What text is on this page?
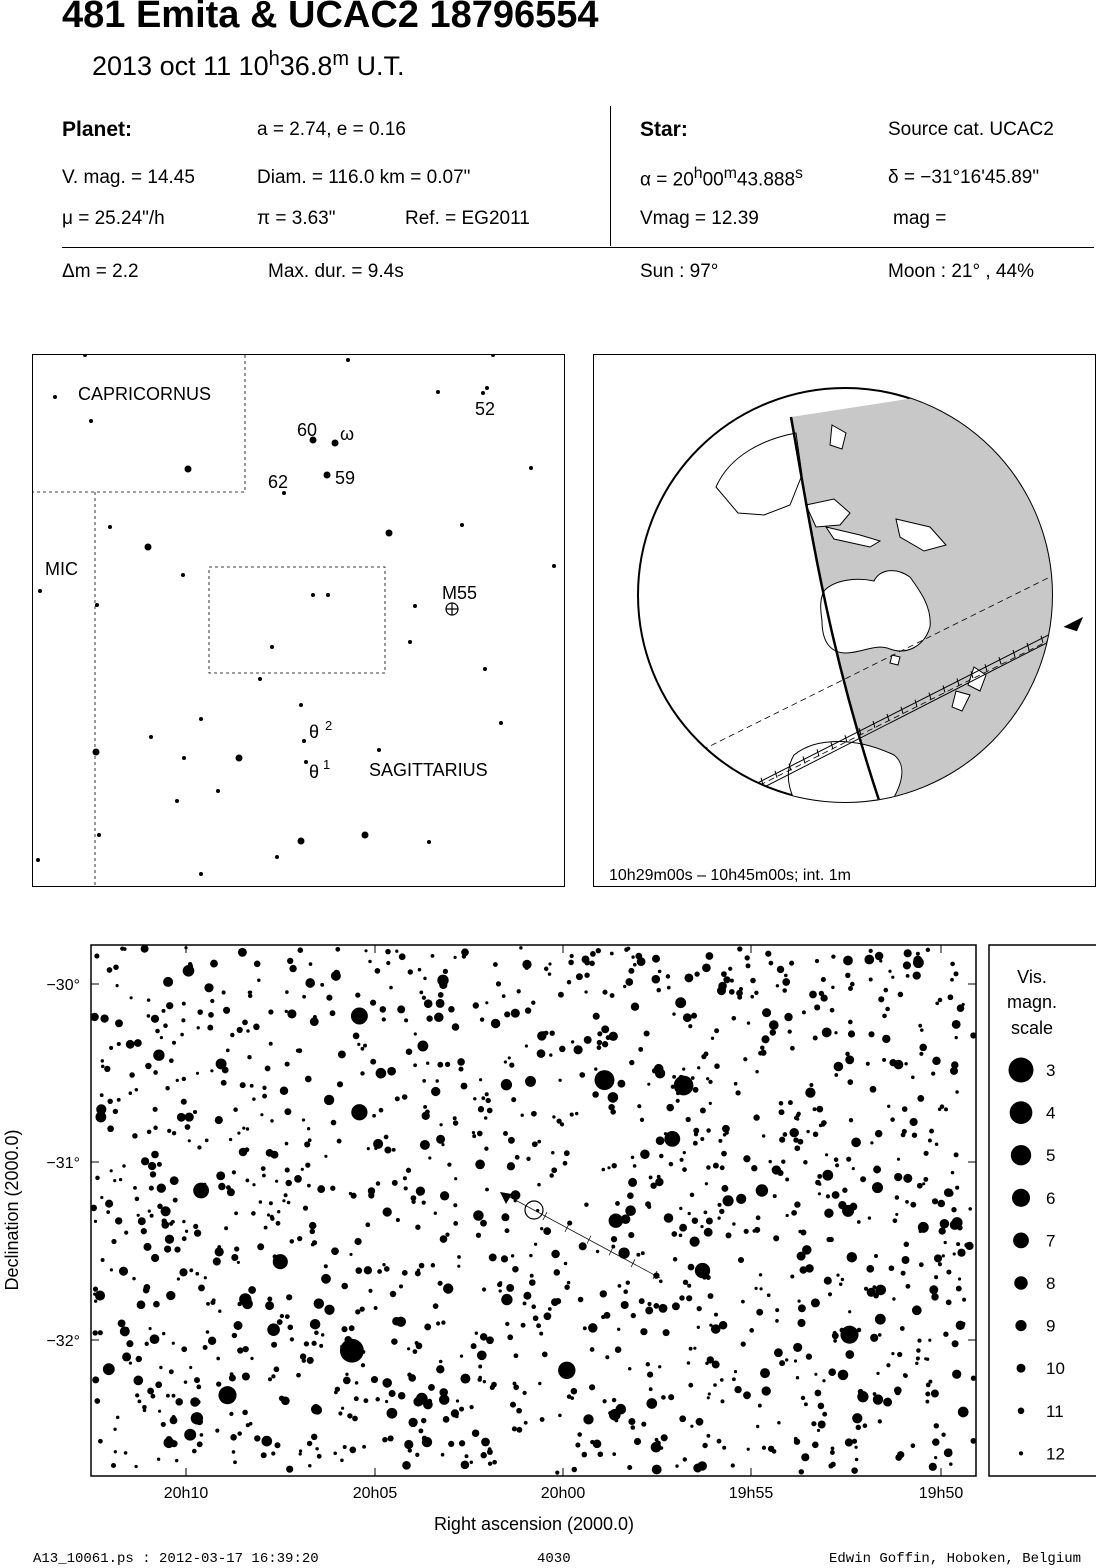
481 Emita & UCAC2 18796554
2013 oct 11 10$^h$36.8$^m$ U.T.
Planet:	a = 2.74, e = 0.16
V. mag. = 14.45	Diam. = 116.0 km = 0.07"
μ = 25.24"/h	π = 3.63"	Ref. = EG2011
Star:	Source cat. UCAC2
$\alpha = 20^h00^m43.888^s$	δ = −31°16'45.89"
Vmag = 12.39	mag =
Δm = 2.2	Max. dur. = 9.4s	Sun : 97°	Moon : 21° , 44%
CAPRICORNUS
MIC
SAGITTARIUS
60 ω
52
62	59
M55
θ 2
θ 1
10h29m00s – 10h45m00s; int. 1m
−30°
−31°
−32°
20h10	20h05	20h00	19h55	19h50
Right ascension (2000.0)
Declination (2000.0)
Vis.
magn.
scale
3
4
5
6
7
8
9
10
11
12
A13_10061.ps : 2012-03-17 16:39:20	4030	Edwin Goffin, Hoboken, Belgium
